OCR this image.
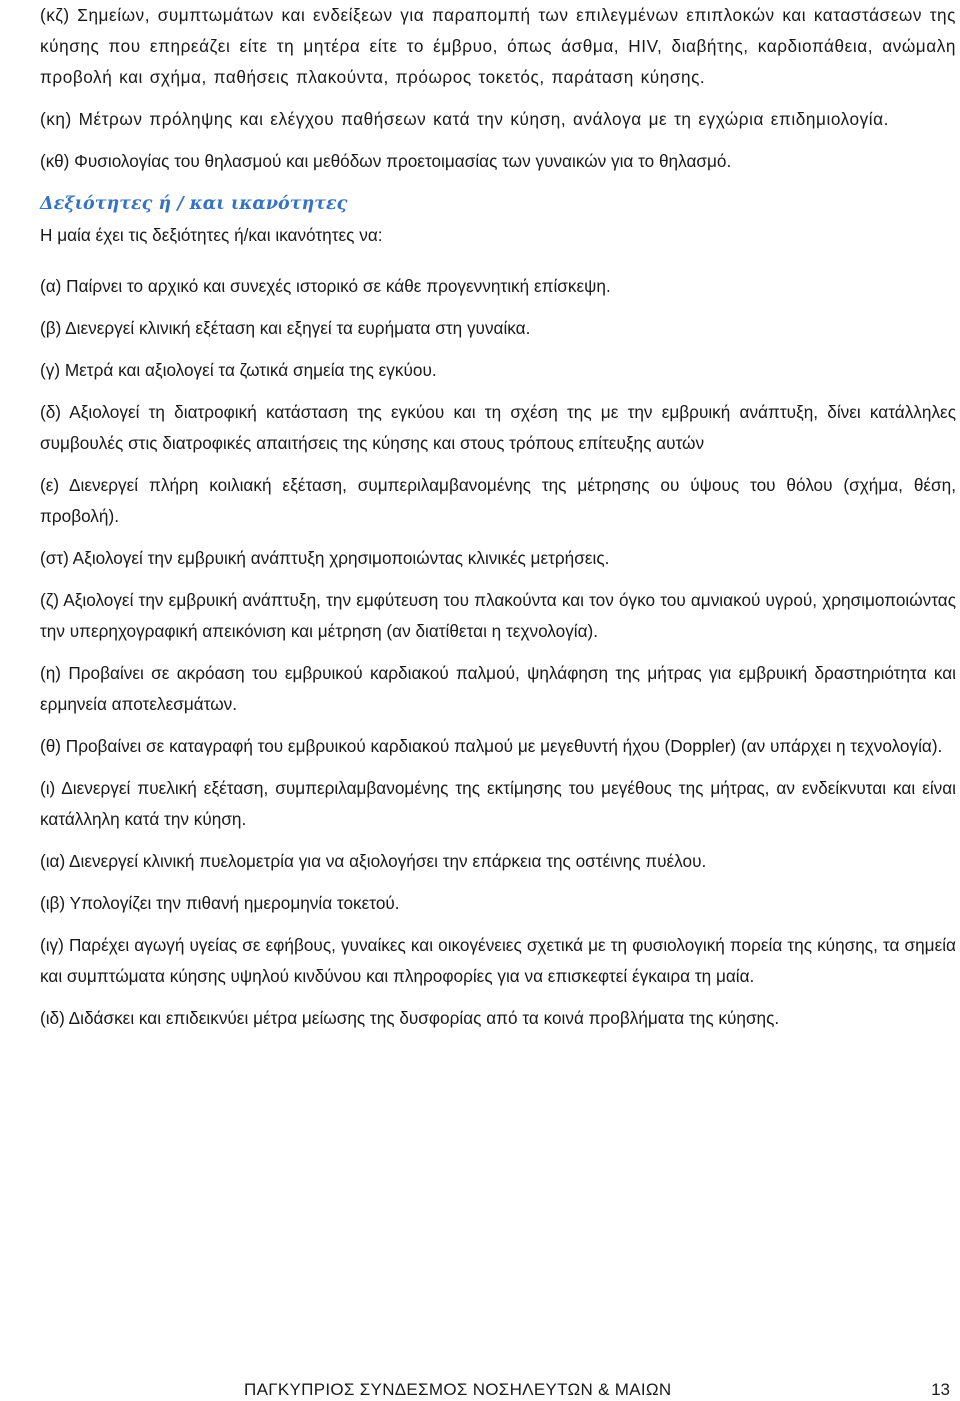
(κζ) Σημείων, συμπτωμάτων και ενδείξεων για παραπομπή των επιλεγμένων επιπλοκών και καταστάσεων της κύησης που επηρεάζει είτε τη μητέρα είτε το έμβρυο, όπως άσθμα, HIV, διαβήτης, καρδιοπάθεια, ανώμαλη προβολή και σχήμα, παθήσεις πλακούντα, πρόωρος τοκετός, παράταση κύησης.

(κη) Μέτρων πρόληψης και ελέγχου παθήσεων κατά την κύηση, ανάλογα με τη εγχώρια επιδημιολογία.

(κθ) Φυσιολογίας του θηλασμού και μεθόδων προετοιμασίας των γυναικών για το θηλασμό.

Δεξιότητες ή / και ικανότητες

Η μαία έχει τις δεξιότητες ή/και ικανότητες να:

(α) Παίρνει το αρχικό και συνεχές ιστορικό σε κάθε προγεννητική επίσκεψη.

(β) Διενεργεί κλινική εξέταση και εξηγεί τα ευρήματα στη γυναίκα.

(γ) Μετρά και αξιολογεί τα ζωτικά σημεία της εγκύου.

(δ) Αξιολογεί τη διατροφική κατάσταση της εγκύου και τη σχέση της με την εμβρυική ανάπτυξη, δίνει κατάλληλες συμβουλές στις διατροφικές απαιτήσεις της κύησης και στους τρόπους επίτευξης αυτών

(ε) Διενεργεί πλήρη κοιλιακή εξέταση, συμπεριλαμβανομένης της μέτρησης ου ύψους του θόλου (σχήμα, θέση, προβολή).

(στ) Αξιολογεί την εμβρυική ανάπτυξη χρησιμοποιώντας κλινικές μετρήσεις.

(ζ) Αξιολογεί την εμβρυική ανάπτυξη, την εμφύτευση του πλακούντα και τον όγκο του αμνιακού υγρού, χρησιμοποιώντας την υπερηχογραφική απεικόνιση και μέτρηση (αν διατίθεται η τεχνολογία).

(η) Προβαίνει σε ακρόαση του εμβρυικού καρδιακού παλμού, ψηλάφηση της μήτρας για εμβρυική δραστηριότητα και ερμηνεία αποτελεσμάτων.

(θ) Προβαίνει σε καταγραφή του εμβρυικού καρδιακού παλμού με μεγεθυντή ήχου (Doppler) (αν υπάρχει η τεχνολογία).

(ι) Διενεργεί πυελική εξέταση, συμπεριλαμβανομένης της εκτίμησης του μεγέθους της μήτρας, αν ενδείκνυται και είναι κατάλληλη κατά την κύηση.

(ια) Διενεργεί κλινική πυελομετρία για να αξιολογήσει την επάρκεια της οστέινης πυέλου.

(ιβ) Υπολογίζει την πιθανή ημερομηνία τοκετού.

(ιγ) Παρέχει αγωγή υγείας σε εφήβους, γυναίκες και οικογένειες σχετικά με τη φυσιολογική πορεία της κύησης, τα σημεία και συμπτώματα κύησης υψηλού κινδύνου και πληροφορίες για να επισκεφτεί έγκαιρα τη μαία.

(ιδ) Διδάσκει και επιδεικνύει μέτρα μείωσης της δυσφορίας από τα κοινά προβλήματα της κύησης.

ΠΑΓΚΥΠΡΙΟΣ ΣΥΝΔΕΣΜΟΣ ΝΟΣΗΛΕΥΤΩΝ & ΜΑΙΩΝ	13
